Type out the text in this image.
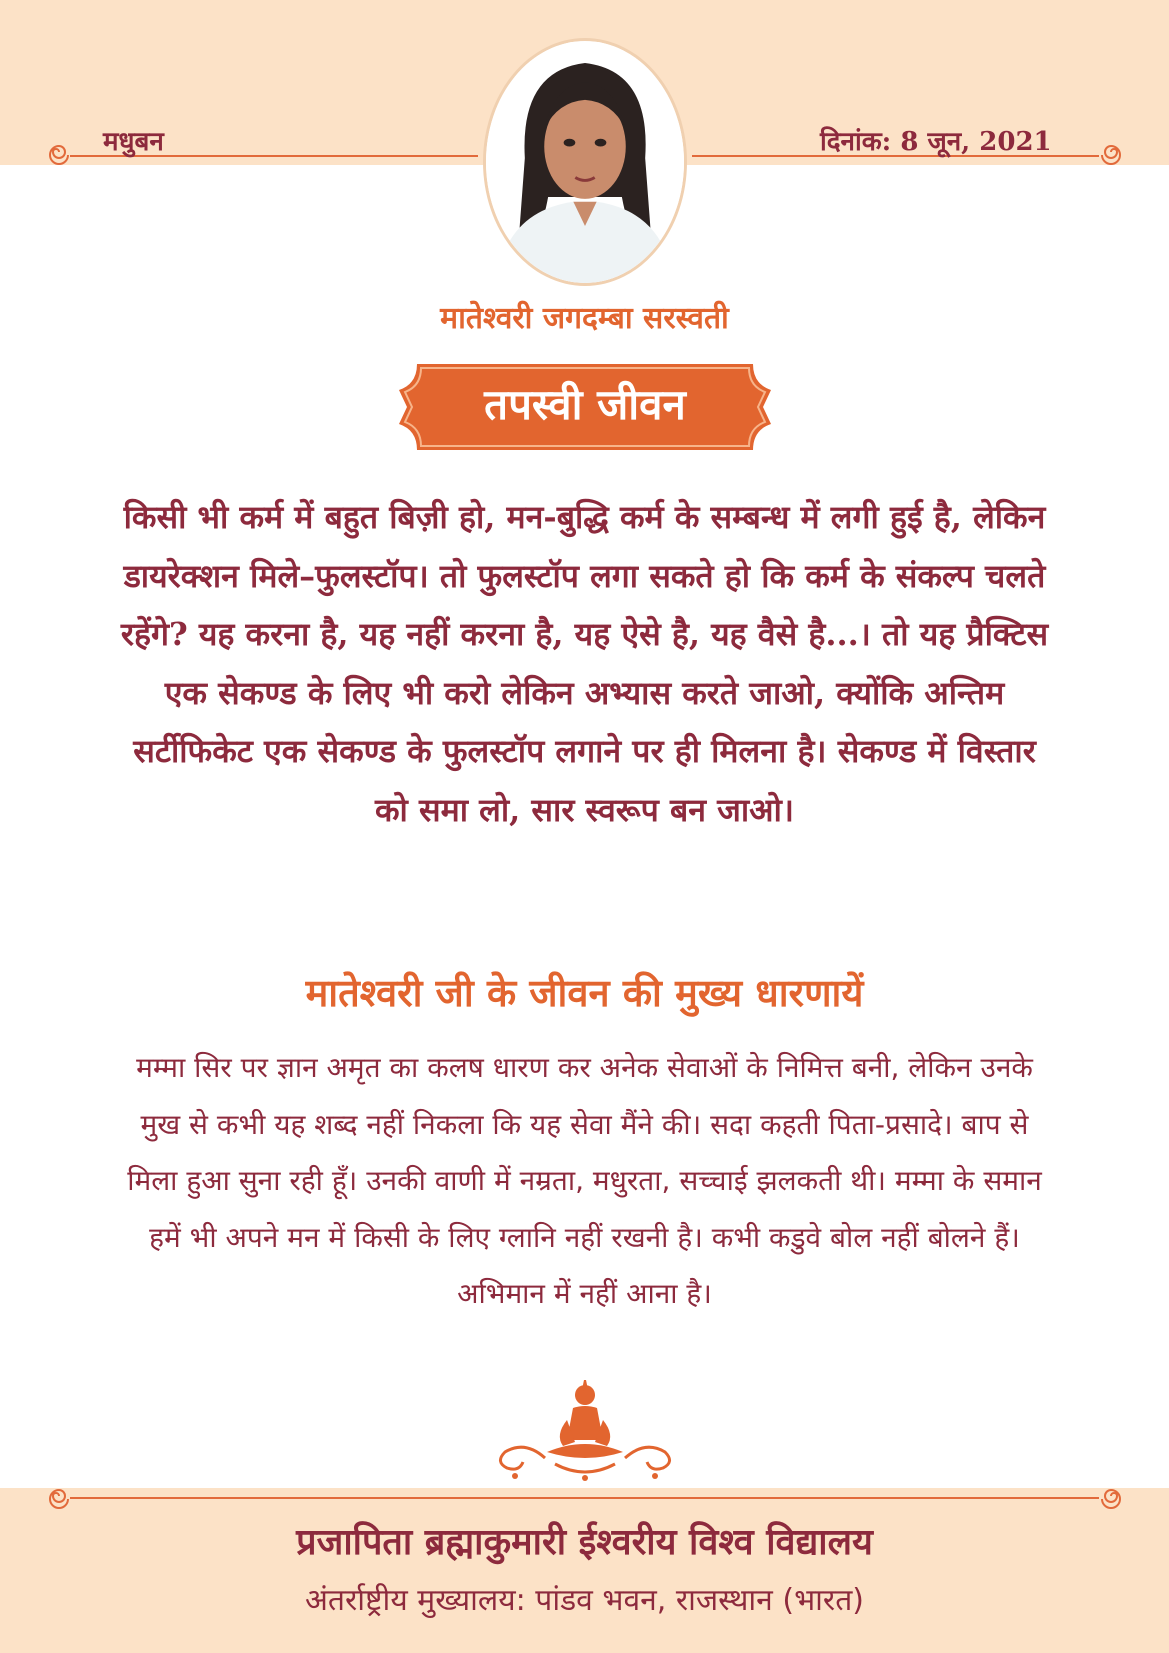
मधुबन	दिनांक: 8 जून, 2021
मातेश्वरी जगदम्बा सरस्वती
तपस्वी जीवन

किसी भी कर्म में बहुत बिज़ी हो, मन-बुद्धि कर्म के सम्बन्ध में लगी हुई है, लेकिन डायरेक्शन मिले–फुलस्टॉप। तो फुलस्टॉप लगा सकते हो कि कर्म के संकल्प चलते रहेंगे? यह करना है, यह नहीं करना है, यह ऐसे है, यह वैसे है...। तो यह प्रैक्टिस एक सेकण्ड के लिए भी करो लेकिन अभ्यास करते जाओ, क्योंकि अन्तिम सर्टीफिकेट एक सेकण्ड के फुलस्टॉप लगाने पर ही मिलना है। सेकण्ड में विस्तार को समा लो, सार स्वरूप बन जाओ।

मातेश्वरी जी के जीवन की मुख्य धारणायें

मम्मा सिर पर ज्ञान अमृत का कलष धारण कर अनेक सेवाओं के निमित्त बनी, लेकिन उनके मुख से कभी यह शब्द नहीं निकला कि यह सेवा मैंने की। सदा कहती पिता-प्रसादे। बाप से मिला हुआ सुना रही हूँ। उनकी वाणी में नम्रता, मधुरता, सच्चाई झलकती थी। मम्मा के समान हमें भी अपने मन में किसी के लिए ग्लानि नहीं रखनी है। कभी कडुवे बोल नहीं बोलने हैं। अभिमान में नहीं आना है।

प्रजापिता ब्रह्माकुमारी ईश्वरीय विश्व विद्यालय
अंतर्राष्ट्रीय मुख्यालय: पांडव भवन, राजस्थान (भारत)
